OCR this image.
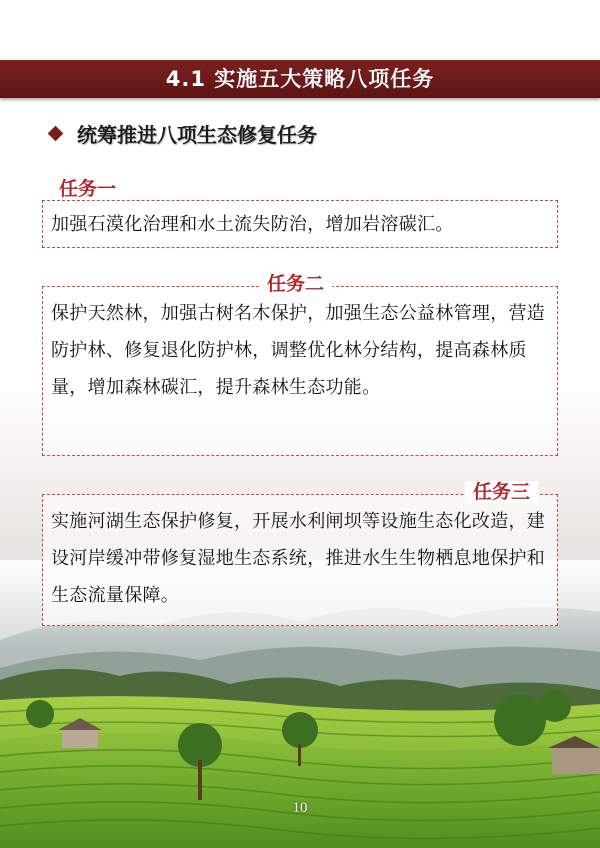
4.1 实施五大策略八项任务
统筹推进八项生态修复任务
任务一
加强石漠化治理和水土流失防治，增加岩溶碳汇。
任务二
保护天然林，加强古树名木保护，加强生态公益林管理，营造防护林、修复退化防护林，调整优化林分结构，提高森林质量，增加森林碳汇，提升森林生态功能。
任务三
实施河湖生态保护修复，开展水利闸坝等设施生态化改造，建设河岸缓冲带修复湿地生态系统，推进水生生物栖息地保护和生态流量保障。
10
